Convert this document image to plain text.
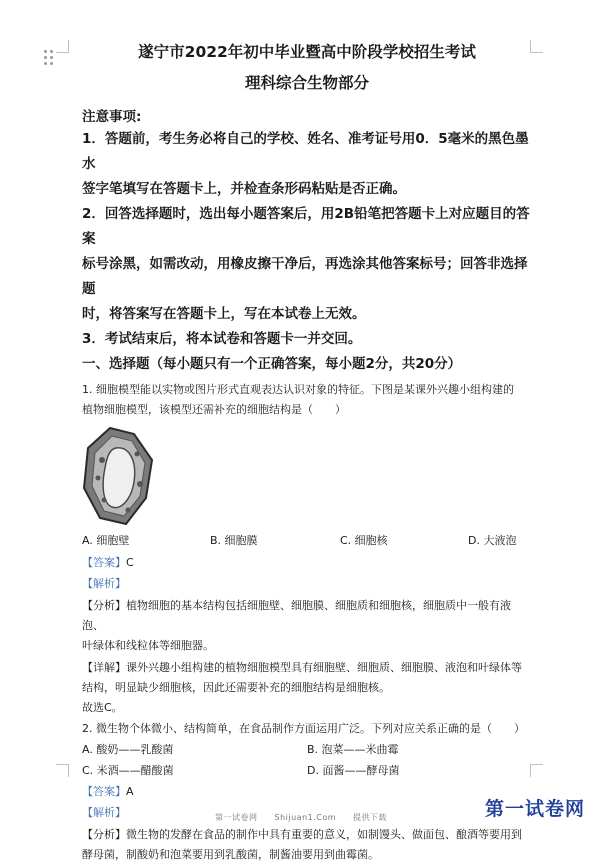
遂宁市2022年初中毕业暨高中阶段学校招生考试
理科综合生物部分
注意事项:
1．答题前，考生务必将自己的学校、姓名、准考证号用0．5毫米的黑色墨水
签字笔填写在答题卡上，并检查条形码粘贴是否正确。
2．回答选择题时，选出每小题答案后，用2B铅笔把答题卡上对应题目的答案
标号涂黑，如需改动，用橡皮擦干净后，再选涂其他答案标号；回答非选择题
时，将答案写在答题卡上，写在本试卷上无效。
3．考试结束后，将本试卷和答题卡一并交回。
一、选择题（每小题只有一个正确答案，每小题2分，共20分）
1. 细胞模型能以实物或图片形式直观表达认识对象的特征。下图是某课外兴趣小组构建的
植物细胞模型，该模型还需补充的细胞结构是（　　）
A. 细胞壁	B. 细胞膜	C. 细胞核	D. 大液泡
【答案】C
【解析】
【分析】植物细胞的基本结构包括细胞壁、细胞膜、细胞质和细胞核，细胞质中一般有液泡、
叶绿体和线粒体等细胞器。
【详解】课外兴趣小组构建的植物细胞模型具有细胞壁、细胞质、细胞膜、液泡和叶绿体等
结构，明显缺少细胞核，因此还需要补充的细胞结构是细胞核。
故选C。
2. 微生物个体微小、结构简单，在食品制作方面运用广泛。下列对应关系正确的是（　　）
A. 酸奶——乳酸菌	B. 泡菜——米曲霉
C. 米酒——醋酸菌	D. 面酱——酵母菌
【答案】A
【解析】
【分析】微生物的发酵在食品的制作中具有重要的意义，如制馒头、做面包、酿酒等要用到
酵母菌，制酸奶和泡菜要用到乳酸菌，制酱油要用到曲霉菌。
第一试卷网　　Shijuan1.Com　　提供下载	第一试卷网
